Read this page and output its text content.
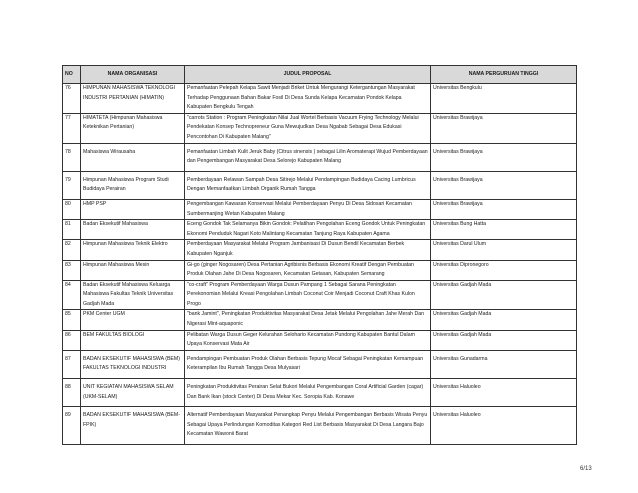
NO	NAMA ORGANISASI	JUDUL PROPOSAL	NAMA PERGURUAN TINGGI
76	HIMPUNAN MAHASISWA TEKNOLOGI INDUSTRI PERTANIAN (HIMATIN)	Pemanfaatan Pelepah Kelapa Sawit Menjadi Briket Untuk Mengurangi Ketergantungan Masyarakat Terhadap Penggunaan Bahan Bakar Fosil Di Desa Sunda Kelapa Kecamatan Pondok Kelapa Kabupaten Bengkulu Tengah	Universitas Bengkulu
77	HIMATETA (Himpunan Mahasiswa Keteknikan Pertanian)	"carrots Station : Program Peningkatan Nilai Jual Wortel Berbasis Vacuum Frying Technology Melalui Pendekatan Konsep Technopreneur Guna Mewujudkan Desa Ngabab Sebagai Desa Edukasi Pencontohan Di Kabupaten Malang"	Universitas Brawijaya
78	Mahasiswa Wirausaha	Pemanfaatan Limbah Kulit Jeruk Baby (Citrus sinensis ) sebagai Lilin Aromaterapi Wujud Pemberdayaan dan Pengembangan Masyarakat Desa Selorejo Kabupaten Malang	Universitas Brawijaya
79	Himpunan Mahasiswa Program Studi Budidaya Perairan	Pemberdayaan Relawan Sampah Desa Sitirejo Melalui Pendampingan Budidaya Cacing Lumbricus Dengan Memanfaatkan Limbah Organik Rumah Tangga	Universitas Brawijaya
80	HMP PSP	Pengembangan Kawasan Konservasi Melalui Pemberdayaan Penyu Di Desa Sidosari Kecamatan Sumbermanjing Wetan Kabupaten Malang	Universitas Brawijaya
81	Badan Eksekutif Mahasiswa	Eceng Gondok Tak Selamanya Bikin Gondok: Pelatihan Pengolahan Eceng Gondok Untuk Peningkatan Ekonomi Penduduk Nagari Koto Malintang Kecamatan Tanjung Raya Kabupaten Agama	Universitas Bung Hatta
82	Himpunan Mahasiswa Teknik Elektro	Pemberdayaan Masyarakat Melalui Program Jambanisasi Di Dusun Bendil Kecamatan Berbek Kabupaten Nganjuk	Universitas Darul Ulum
83	Himpunan Mahasiswa Mesin	Gi-go (ginger Nogosaren) Desa Pertanian Agribisnis Berbasis Ekonomi Kreatif Dengan Pembuatan Produk Olahan Jahe Di Desa Nogosaren, Kecamatan Getasan, Kabupaten Semarang	Universitas Dipronegoro
84	Badan Eksekutif Mahasiswa Keluarga Mahasiswa Fakultas Teknik Universitas Gadjah Mada	"co-craft" Program Pemberdayaan Warga Dusun Pampang 1 Sebagai Sarana Peningkatan Perekonomian Melalui Kreasi Pengolahan Limbah Coconut Coir Menjadi Coconut Craft Khas Kulon Progo	Universitas Gadjah Mada
85	PKM Center UGM	"bank Jamint", Peningkatan Produktivitas Masyarakat Desa Jetak Melalui Pengolahan Jahe Merah Dan Nigerasi Mint-aquaponic	Universitas Gadjah Mada
86	BEM FAKULTAS BIOLOGI	Pelibatan Warga Dusun Geger Kelurahan Selohario Kecamatan Pundong Kabupaten Bantul Dalam Upaya Konservasi Mata Air	Universitas Gadjah Mada
87	BADAN EKSEKUTIF MAHASISWA (BEM) FAKULTAS TEKNOLOGI INDUSTRI	Pendampingan Pembuatan Produk Olahan Berbasis Tepung Mocaf Sebagai Peningkatan Kemampuan Keterampilan Ibu Rumah Tangga Desa Mulyasari	Universitas Gunadarma
88	UNIT KEGIATAN MAHASISWA SELAM (UKM-SELAM)	Peningkatan Produktivitas Perairan Selat Bukori Melalui Pengembangan Coral Artificial Garden (cagar) Dan Bank Ikan (stock Center) Di Desa Mekar Kec. Soropia Kab. Konawe	Universitas Haluoleo
89	BADAN EKSEKUTIF MAHASISWA (BEM-FPIK)	Alternatif Pemberdayaan Masyarakat Penangkap Penyu Melalui Pengembangan Berbasis Wisata Penyu Sebagai Upaya Perlindungan Komoditas Kategori Red List Berbasis Masyarakat Di Desa Langara Bajo Kecamatan Wawonii Barat	Universitas Haluoleo
6/13
